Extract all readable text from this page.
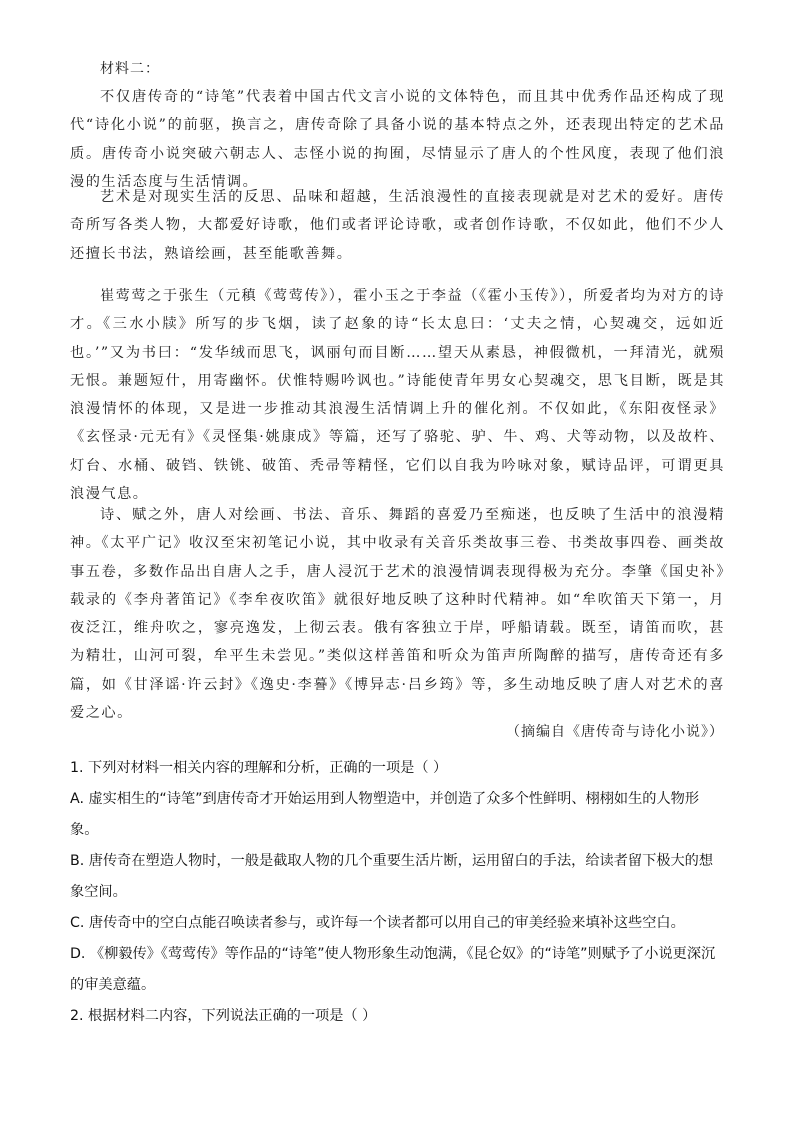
材料二：
不仅唐传奇的“诗笔”代表着中国古代文言小说的文体特色，而且其中优秀作品还构成了现代“诗化小说”的前驱，换言之，唐传奇除了具备小说的基本特点之外，还表现出特定的艺术品质。唐传奇小说突破六朝志人、志怪小说的拘囿，尽情显示了唐人的个性风度，表现了他们浪漫的生活态度与生活情调。
艺术是对现实生活的反思、品味和超越，生活浪漫性的直接表现就是对艺术的爱好。唐传奇所写各类人物，大都爱好诗歌，他们或者评论诗歌，或者创作诗歌，不仅如此，他们不少人还擅长书法，熟谙绘画，甚至能歌善舞。
崔莺莺之于张生（元稹《莺莺传》），霍小玉之于李益（《霍小玉传》），所爱者均为对方的诗才。《三水小牍》所写的步飞烟，读了赵象的诗“长太息曰：‘丈夫之情，心契魂交，远如近也。’”又为书曰：“发华绒而思飞，讽丽句而目断……望天从素恳，神假微机，一拜清光，就殒无恨。兼题短什，用寄幽怀。伏惟特赐吟讽也。”诗能使青年男女心契魂交，思飞目断，既是其浪漫情怀的体现，又是进一步推动其浪漫生活情调上升的催化剂。不仅如此，《东阳夜怪录》《玄怪录·元无有》《灵怪集·姚康成》等篇，还写了骆驼、驴、牛、鸡、犬等动物，以及故杵、灯台、水桶、破铛、铁铫、破笛、秃帚等精怪，它们以自我为吟咏对象，赋诗品评，可谓更具浪漫气息。
诗、赋之外，唐人对绘画、书法、音乐、舞蹈的喜爱乃至痴迷，也反映了生活中的浪漫精神。《太平广记》收汉至宋初笔记小说，其中收录有关音乐类故事三卷、书类故事四卷、画类故事五卷，多数作品出自唐人之手，唐人浸沉于艺术的浪漫情调表现得极为充分。李肇《国史补》载录的《李舟著笛记》《李牟夜吹笛》就很好地反映了这种时代精神。如“牟吹笛天下第一，月夜泛江，维舟吹之，寥亮逸发，上彻云表。俄有客独立于岸，呼船请载。既至，请笛而吹，甚为精壮，山河可裂，牟平生未尝见。”类似这样善笛和听众为笛声所陶醉的描写，唐传奇还有多篇，如《甘泽谣·许云封》《逸史·李謩》《博异志·吕乡筠》等，多生动地反映了唐人对艺术的喜爱之心。
（摘编自《唐传奇与诗化小说》）
1. 下列对材料一相关内容的理解和分析，正确的一项是（ ）
A. 虚实相生的“诗笔”到唐传奇才开始运用到人物塑造中，并创造了众多个性鲜明、栩栩如生的人物形象。
B. 唐传奇在塑造人物时，一般是截取人物的几个重要生活片断，运用留白的手法，给读者留下极大的想象空间。
C. 唐传奇中的空白点能召唤读者参与，或许每一个读者都可以用自己的审美经验来填补这些空白。
D. 《柳毅传》《莺莺传》等作品的“诗笔”使人物形象生动饱满，《昆仑奴》的“诗笔”则赋予了小说更深沉的审美意蕴。
2. 根据材料二内容，下列说法正确的一项是（ ）
